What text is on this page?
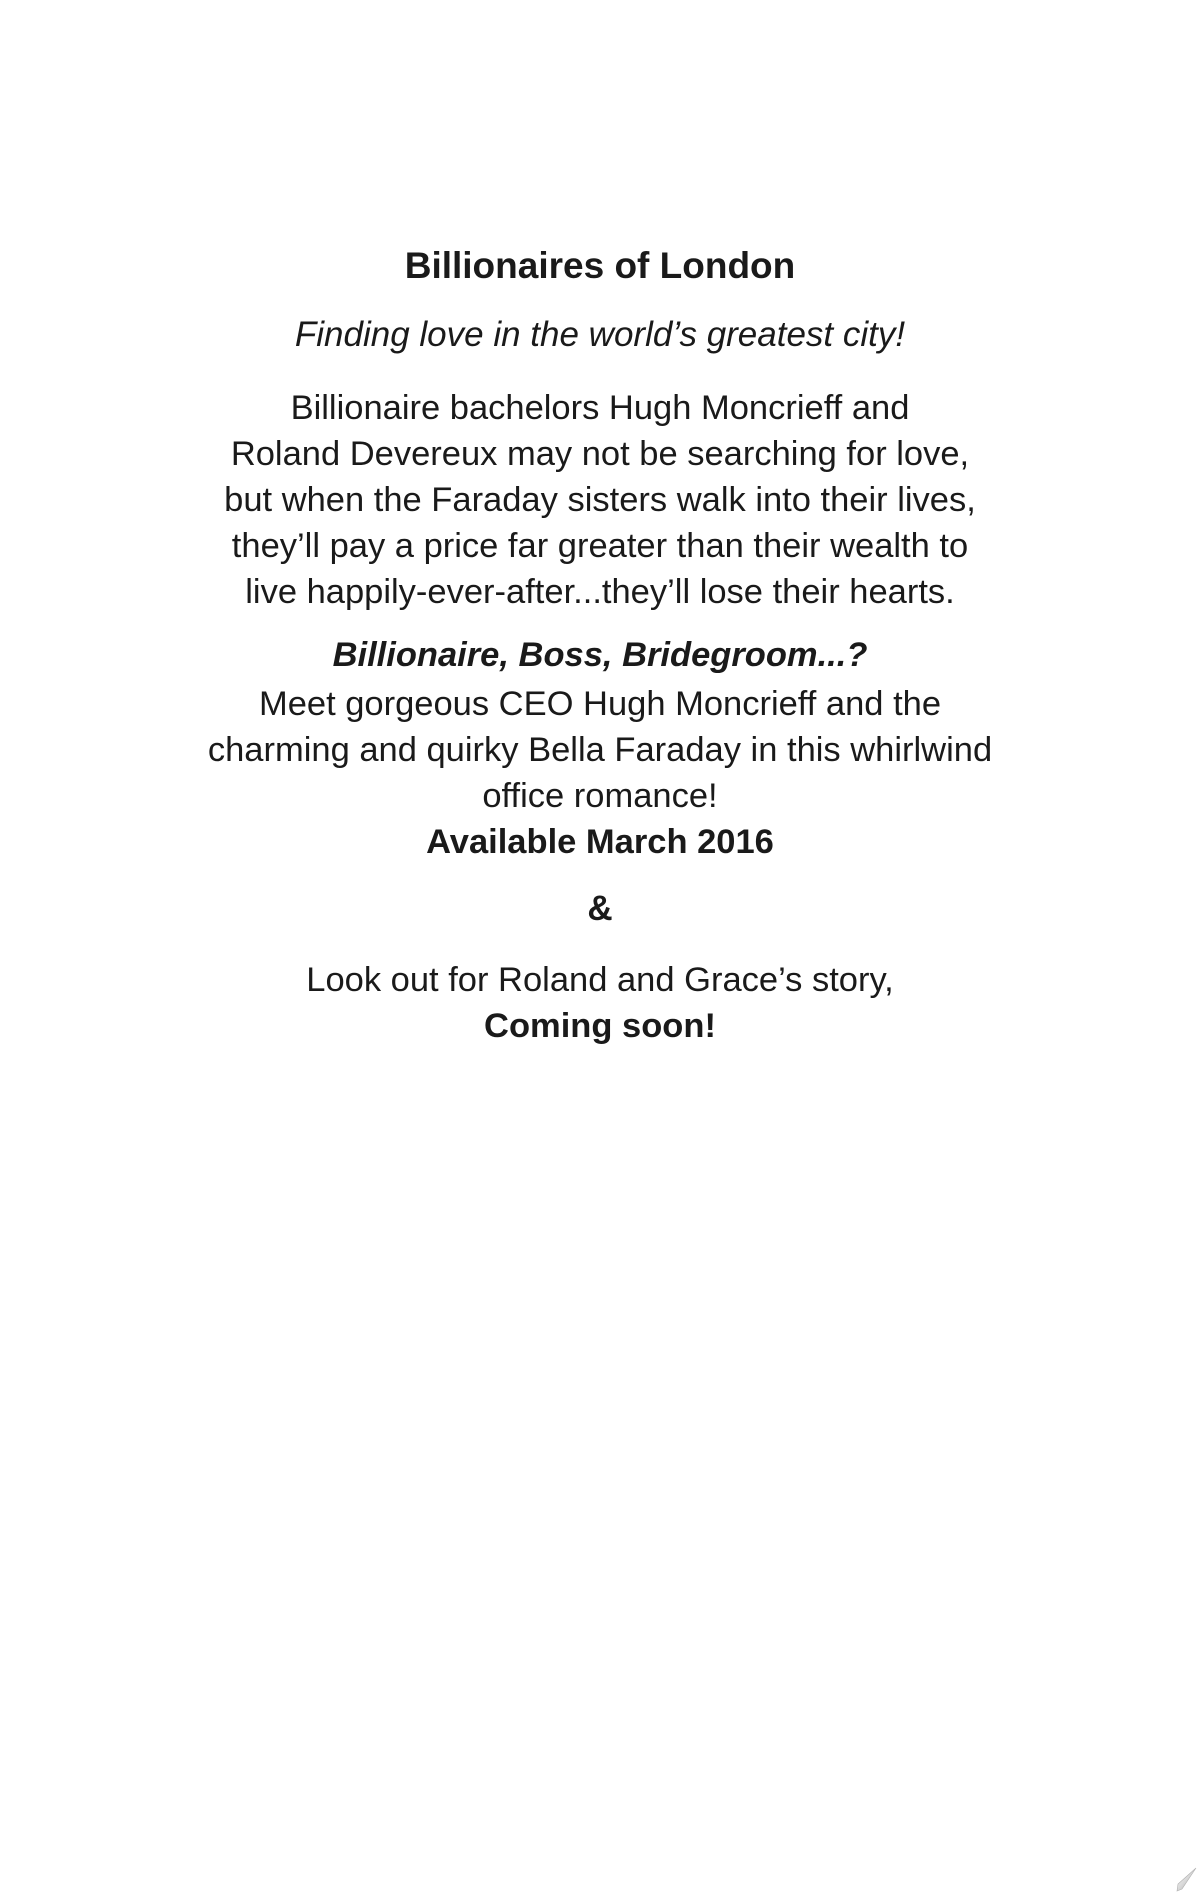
Billionaires of London
Finding love in the world’s greatest city!
Billionaire bachelors Hugh Moncrieff and
Roland Devereux may not be searching for love,
but when the Faraday sisters walk into their lives,
they’ll pay a price far greater than their wealth to
live happily-ever-after...they’ll lose their hearts.
Billionaire, Boss, Bridegroom...?
Meet gorgeous CEO Hugh Moncrieff and the
charming and quirky Bella Faraday in this whirlwind
office romance!
Available March 2016
&
Look out for Roland and Grace’s story,
Coming soon!
